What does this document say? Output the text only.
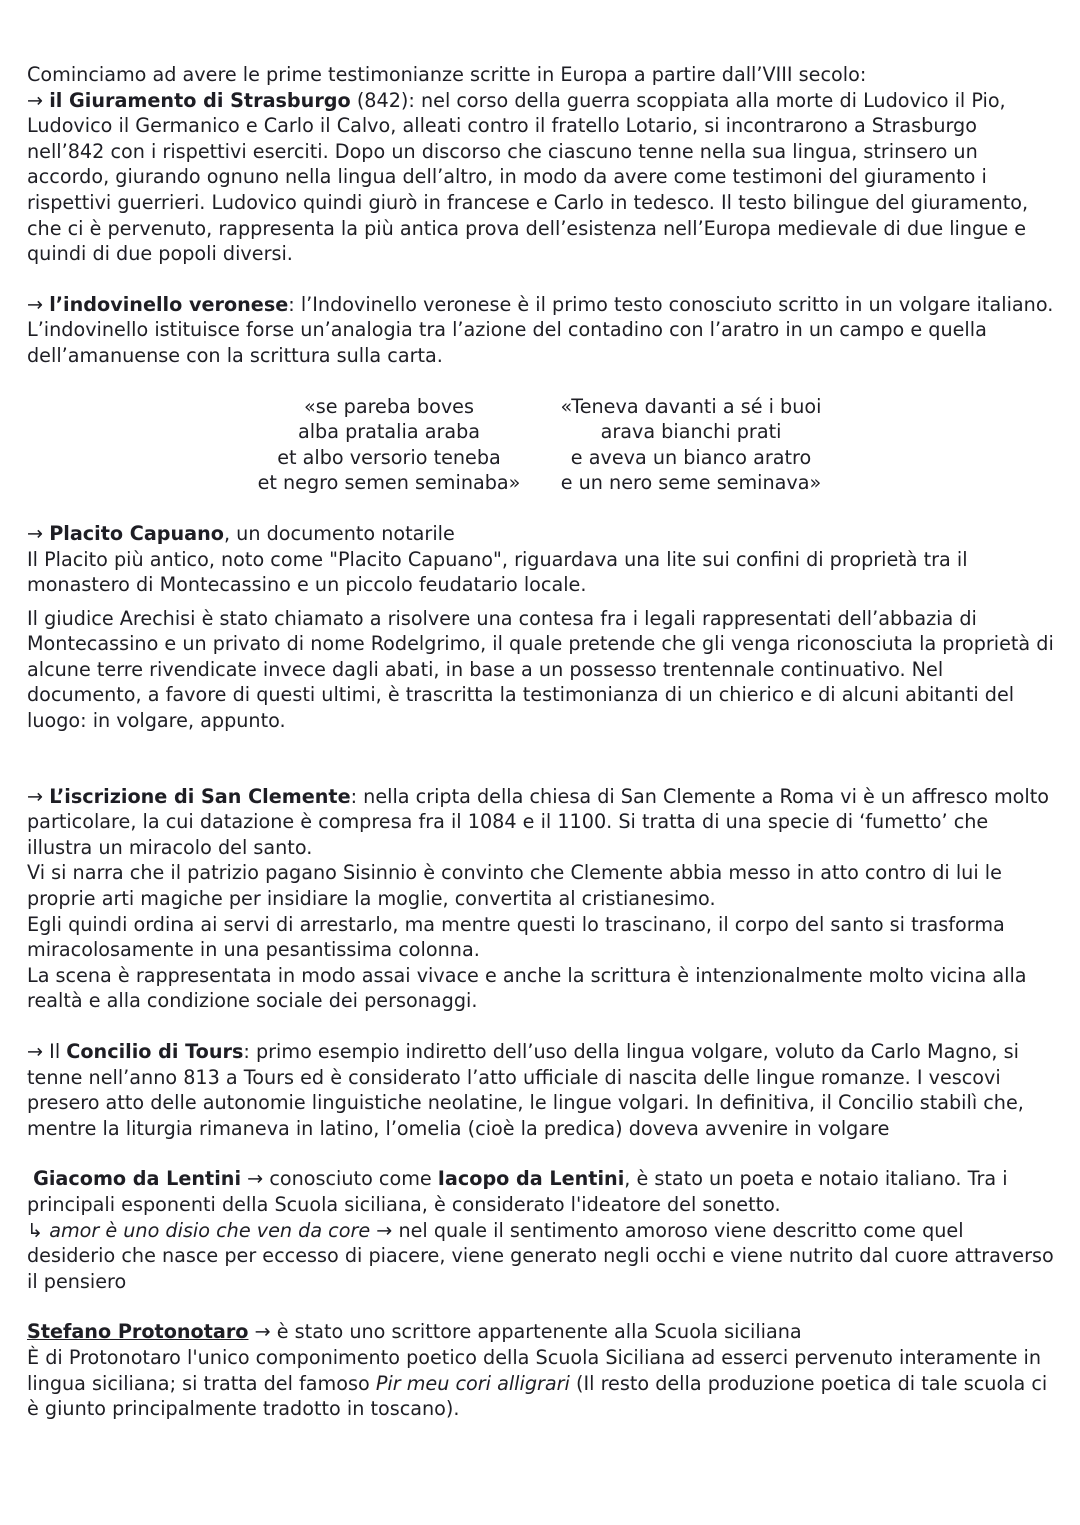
Cominciamo ad avere le prime testimonianze scritte in Europa a partire dall’VIII secolo:
→ il Giuramento di Strasburgo (842): nel corso della guerra scoppiata alla morte di Ludovico il Pio, Ludovico il Germanico e Carlo il Calvo, alleati contro il fratello Lotario, si incontrarono a Strasburgo nell’842 con i rispettivi eserciti. Dopo un discorso che ciascuno tenne nella sua lingua, strinsero un accordo, giurando ognuno nella lingua dell’altro, in modo da avere come testimoni del giuramento i rispettivi guerrieri. Ludovico quindi giurò in francese e Carlo in tedesco. Il testo bilingue del giuramento, che ci è pervenuto, rappresenta la più antica prova dell’esistenza nell’Europa medievale di due lingue e quindi di due popoli diversi.

→ l’indovinello veronese: l’Indovinello veronese è il primo testo conosciuto scritto in un volgare italiano. L’indovinello istituisce forse un’analogia tra l’azione del contadino con l’aratro in un campo e quella dell’amanuense con la scrittura sulla carta.

«se pareba boves
alba pratalia araba
et albo versorio teneba
et negro semen seminaba»
«Teneva davanti a sé i buoi
arava bianchi prati
e aveva un bianco aratro
e un nero seme seminava»

→ Placito Capuano, un documento notarile

Il Placito più antico, noto come "Placito Capuano", riguardava una lite sui confini di proprietà tra il monastero di Montecassino e un piccolo feudatario locale.

Il giudice Arechisi è stato chiamato a risolvere una contesa fra i legali rappresentati dell’abbazia di Montecassino e un privato di nome Rodelgrimo, il quale pretende che gli venga riconosciuta la proprietà di alcune terre rivendicate invece dagli abati, in base a un possesso trentennale continuativo. Nel documento, a favore di questi ultimi, è trascritta la testimonianza di un chierico e di alcuni abitanti del luogo: in volgare, appunto.

→ L’iscrizione di San Clemente: nella cripta della chiesa di San Clemente a Roma vi è un affresco molto particolare, la cui datazione è compresa fra il 1084 e il 1100. Si tratta di una specie di ‘fumetto’ che illustra un miracolo del santo.

Vi si narra che il patrizio pagano Sisinnio è convinto che Clemente abbia messo in atto contro di lui le proprie arti magiche per insidiare la moglie, convertita al cristianesimo.

Egli quindi ordina ai servi di arrestarlo, ma mentre questi lo trascinano, il corpo del santo si trasforma miracolosamente in una pesantissima colonna.

La scena è rappresentata in modo assai vivace e anche la scrittura è intenzionalmente molto vicina alla realtà e alla condizione sociale dei personaggi.

→ Il Concilio di Tours: primo esempio indiretto dell’uso della lingua volgare, voluto da Carlo Magno, si tenne nell’anno 813 a Tours ed è considerato l’atto ufficiale di nascita delle lingue romanze. I vescovi presero atto delle autonomie linguistiche neolatine, le lingue volgari. In definitiva, il Concilio stabilì che, mentre la liturgia rimaneva in latino, l’omelia (cioè la predica) doveva avvenire in volgare

Giacomo da Lentini → conosciuto come Iacopo da Lentini, è stato un poeta e notaio italiano. Tra i principali esponenti della Scuola siciliana, è considerato l'ideatore del sonetto.

↳ amor è uno disio che ven da core → nel quale il sentimento amoroso viene descritto come quel desiderio che nasce per eccesso di piacere, viene generato negli occhi e viene nutrito dal cuore attraverso il pensiero

Stefano Protonotaro → è stato uno scrittore appartenente alla Scuola siciliana

È di Protonotaro l'unico componimento poetico della Scuola Siciliana ad esserci pervenuto interamente in lingua siciliana; si tratta del famoso Pir meu cori alligrari (Il resto della produzione poetica di tale scuola ci è giunto principalmente tradotto in toscano).
